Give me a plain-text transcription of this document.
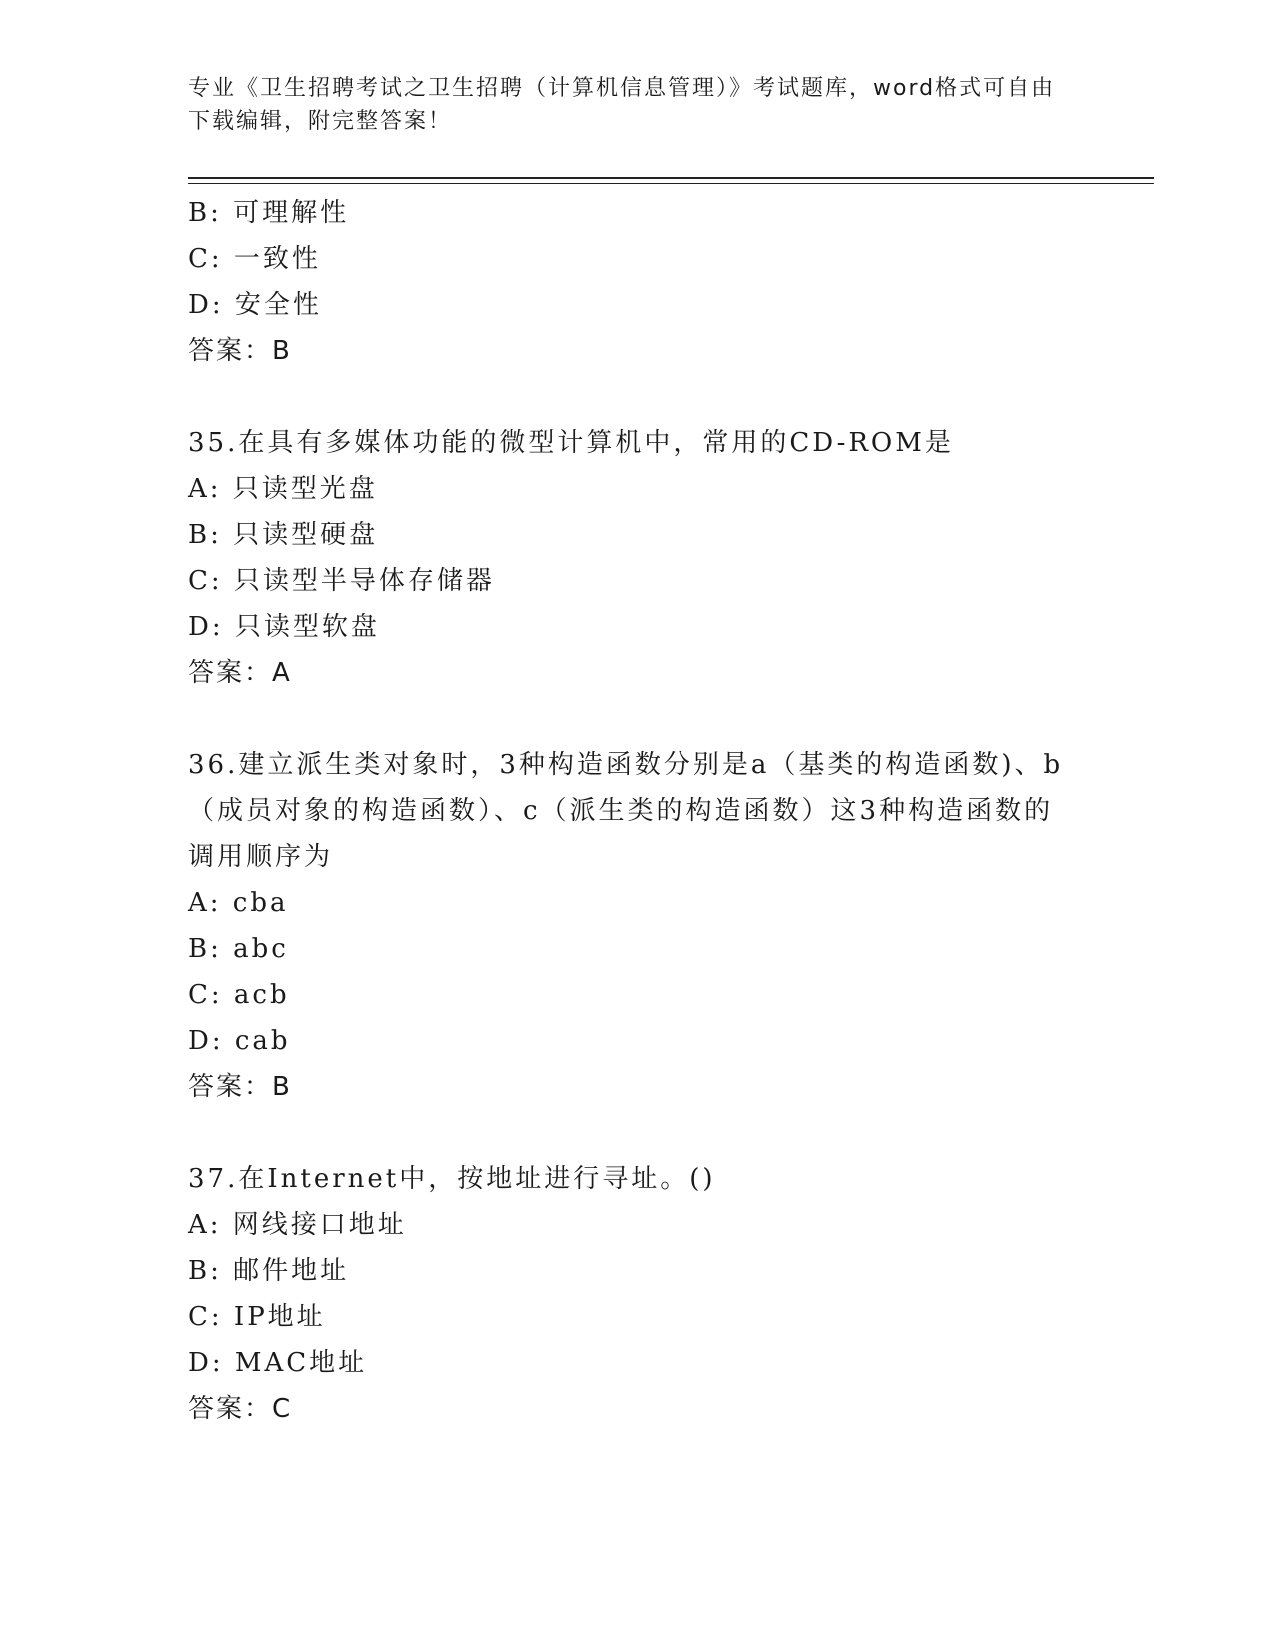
专业《卫生招聘考试之卫生招聘（计算机信息管理）》考试题库，word格式可自由下载编辑，附完整答案！
B: 可理解性
C: 一致性
D: 安全性
答案：B
35.在具有多媒体功能的微型计算机中，常用的CD-ROM是
A: 只读型光盘
B: 只读型硬盘
C: 只读型半导体存储器
D: 只读型软盘
答案：A
36.建立派生类对象时，3种构造函数分别是a（基类的构造函数)、b
（成员对象的构造函数）、c（派生类的构造函数）这3种构造函数的
调用顺序为
A: cba
B: abc
C: acb
D: cab
答案：B
37.在Internet中，按地址进行寻址。()
A: 网线接口地址
B: 邮件地址
C: IP地址
D: MAC地址
答案：C
